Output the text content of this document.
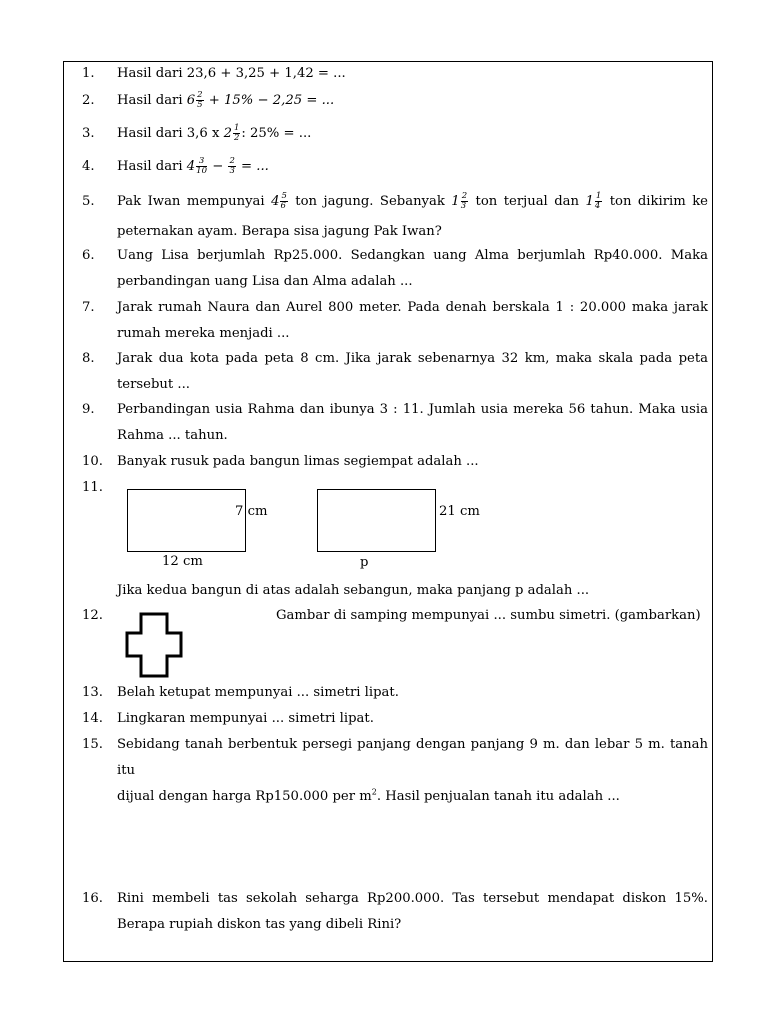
1.	Hasil dari 23,6 + 3,25 + 1,42 = ...
2.	Hasil dari $6 \frac{2}{5} + 15\% - 2,25$ = ...
3.	Hasil dari 3,6 x $2 \frac{1}{2}$ : 25% = ...
4.	Hasil dari $4 \frac{3}{10} - \frac{2}{3}$ = ...
5.	Pak Iwan mempunyai $4 \frac{5}{6}$ ton jagung. Sebanyak $1 \frac{2}{3}$ ton terjual dan $1 \frac{1}{4}$ ton dikirim ke
peternakan ayam. Berapa sisa jagung Pak Iwan?
6.	Uang Lisa berjumlah Rp25.000. Sedangkan uang Alma berjumlah Rp40.000. Maka
perbandingan uang Lisa dan Alma adalah ...
7.	Jarak rumah Naura dan Aurel 800 meter. Pada denah berskala 1 : 20.000 maka jarak
rumah mereka menjadi ...
8.	Jarak dua kota pada peta 8 cm. Jika jarak sebenarnya 32 km, maka skala pada peta
tersebut ...
9.	Perbandingan usia Rahma dan ibunya 3 : 11. Jumlah usia mereka 56 tahun. Maka usia
Rahma ... tahun.
10.	Banyak rusuk pada bangun limas segiempat adalah ...
11.
7 cm
12 cm
21 cm
p
Jika kedua bangun di atas adalah sebangun, maka panjang p adalah ...
12.	Gambar di samping mempunyai ... sumbu simetri. (gambarkan)
13.	Belah ketupat mempunyai ... simetri lipat.
14.	Lingkaran mempunyai ... simetri lipat.
15.	Sebidang tanah berbentuk persegi panjang dengan panjang 9 m. dan lebar 5 m. tanah itu
dijual dengan harga Rp150.000 per $m^2$. Hasil penjualan tanah itu adalah ...
16.	Rini membeli tas sekolah seharga Rp200.000. Tas tersebut mendapat diskon 15%.
Berapa rupiah diskon tas yang dibeli Rini?
